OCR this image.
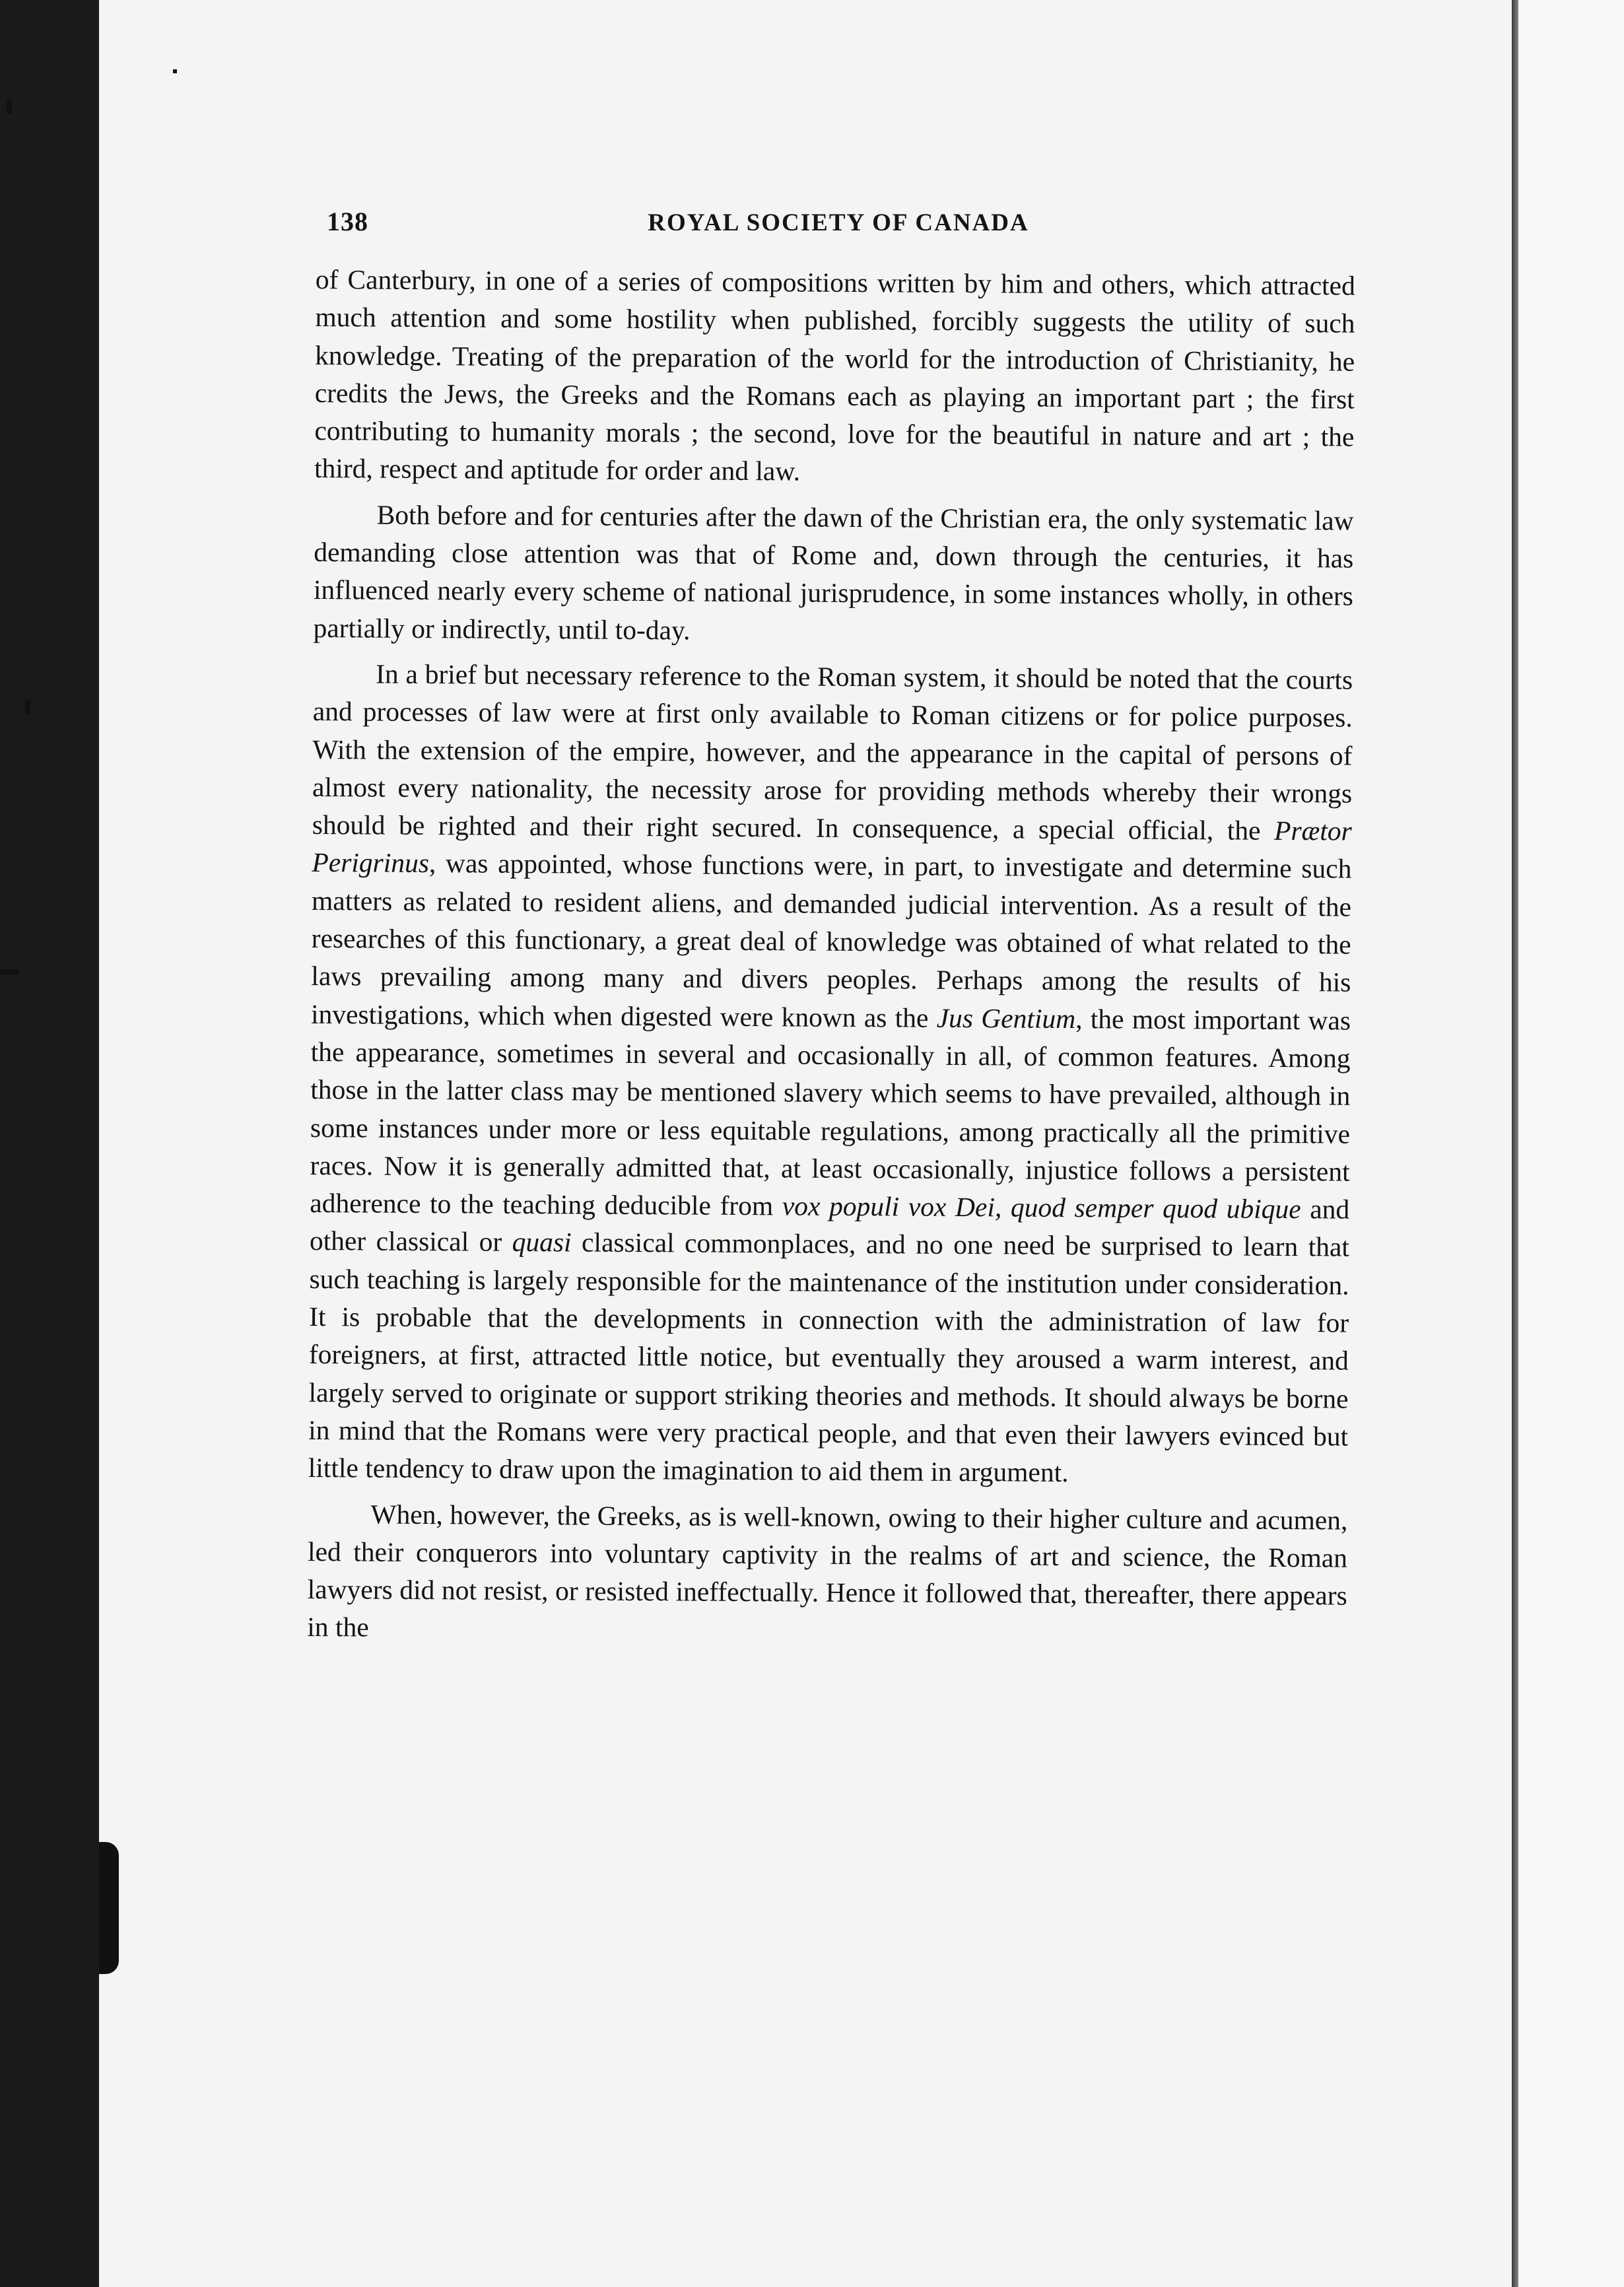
138	ROYAL SOCIETY OF CANADA

of Canterbury, in one of a series of compositions written by him and others, which attracted much attention and some hostility when published, forcibly suggests the utility of such knowledge. Treating of the preparation of the world for the introduction of Christianity, he credits the Jews, the Greeks and the Romans each as playing an important part ; the first contributing to humanity morals ; the second, love for the beautiful in nature and art ; the third, respect and aptitude for order and law.

Both before and for centuries after the dawn of the Christian era, the only systematic law demanding close attention was that of Rome and, down through the centuries, it has influenced nearly every scheme of national jurisprudence, in some instances wholly, in others partially or indirectly, until to-day.

In a brief but necessary reference to the Roman system, it should be noted that the courts and processes of law were at first only available to Roman citizens or for police purposes. With the extension of the empire, however, and the appearance in the capital of persons of almost every nationality, the necessity arose for providing methods whereby their wrongs should be righted and their right secured. In consequence, a special official, the Prætor Perigrinus, was appointed, whose functions were, in part, to investigate and determine such matters as related to resident aliens, and demanded judicial intervention. As a result of the researches of this functionary, a great deal of knowledge was obtained of what related to the laws prevailing among many and divers peoples. Perhaps among the results of his investigations, which when digested were known as the Jus Gentium, the most important was the appearance, sometimes in several and occasionally in all, of common features. Among those in the latter class may be mentioned slavery which seems to have prevailed, although in some instances under more or less equitable regulations, among practically all the primitive races. Now it is generally admitted that, at least occasionally, injustice follows a persistent adherence to the teaching deducible from vox populi vox Dei, quod semper quod ubique and other classical or quasi classical commonplaces, and no one need be surprised to learn that such teaching is largely responsible for the maintenance of the institution under consideration. It is probable that the developments in connection with the administration of law for foreigners, at first, attracted little notice, but eventually they aroused a warm interest, and largely served to originate or support striking theories and methods. It should always be borne in mind that the Romans were very practical people, and that even their lawyers evinced but little tendency to draw upon the imagination to aid them in argument.

When, however, the Greeks, as is well-known, owing to their higher culture and acumen, led their conquerors into voluntary captivity in the realms of art and science, the Roman lawyers did not resist, or resisted ineffectually. Hence it followed that, thereafter, there appears in the
